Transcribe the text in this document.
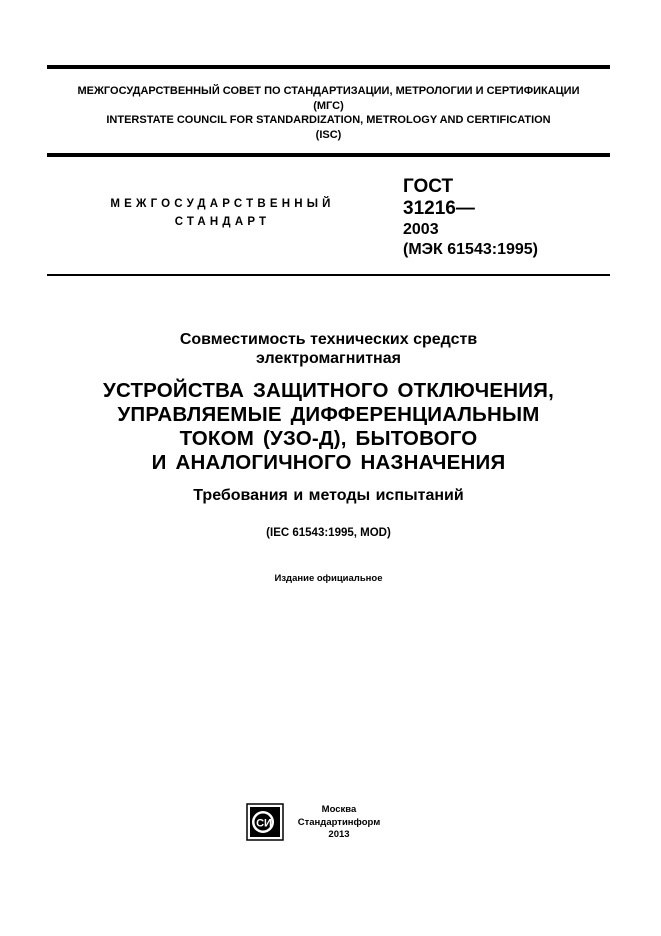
МЕЖГОСУДАРСТВЕННЫЙ СОВЕТ ПО СТАНДАРТИЗАЦИИ, МЕТРОЛОГИИ И СЕРТИФИКАЦИИ
(МГС)
INTERSTATE COUNCIL FOR STANDARDIZATION, METROLOGY AND CERTIFICATION
(ISC)
МЕЖГОСУДАРСТВЕННЫЙ
СТАНДАРТ
ГОСТ
31216—
2003
(МЭК 61543:1995)
Совместимость технических средств
электромагнитная
УСТРОЙСТВА ЗАЩИТНОГО ОТКЛЮЧЕНИЯ,
УПРАВЛЯЕМЫЕ ДИФФЕРЕНЦИАЛЬНЫМ
ТОКОМ (УЗО-Д), БЫТОВОГО
И АНАЛОГИЧНОГО НАЗНАЧЕНИЯ
Требования и методы испытаний
(IEC 61543:1995, MOD)
Издание официальное
СИ
Москва
Стандартинформ
2013
